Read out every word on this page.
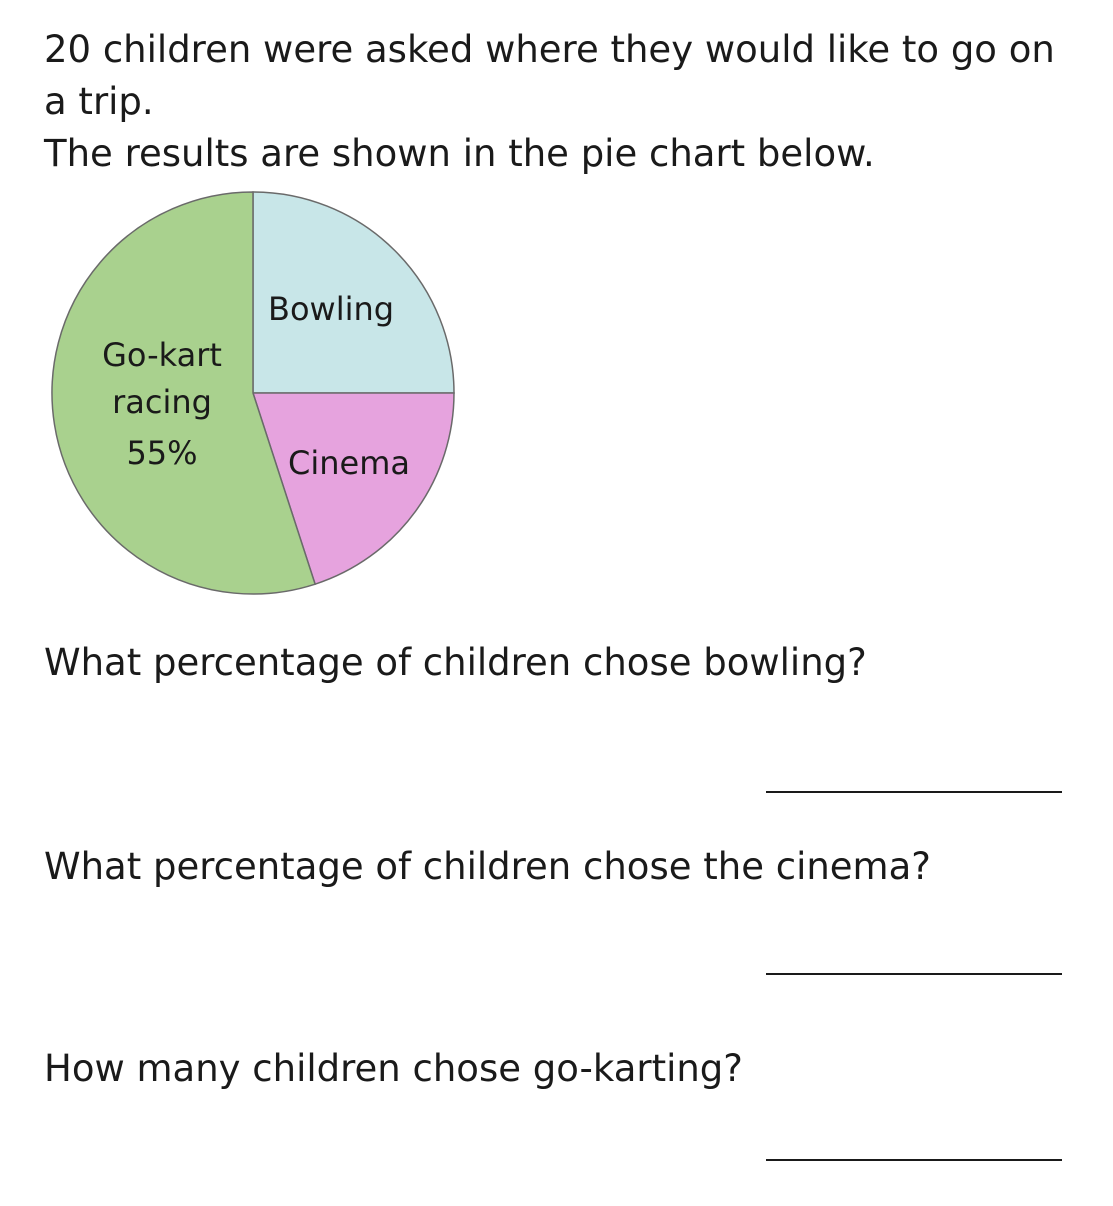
20 children were asked where they would like to go on a trip.

The results are shown in the pie chart below.

Bowling
Cinema
Go-kart
racing
55%

What percentage of children chose bowling?

What percentage of children chose the cinema?

How many children chose go-karting?
